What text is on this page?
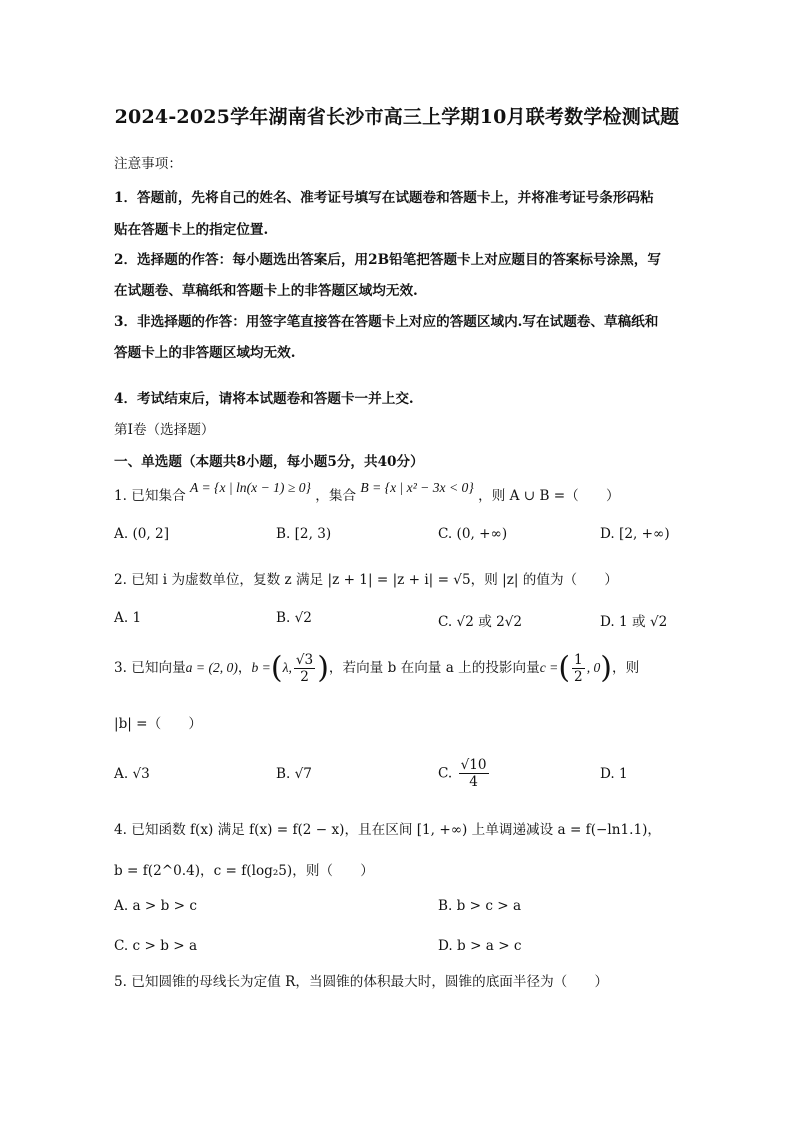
2024-2025学年湖南省长沙市高三上学期10月联考数学检测试题
注意事项：
1．答题前，先将自己的姓名、准考证号填写在试题卷和答题卡上，并将准考证号条形码粘
贴在答题卡上的指定位置.
2．选择题的作答：每小题选出答案后，用2B铅笔把答题卡上对应题目的答案标号涂黑，写
在试题卷、草稿纸和答题卡上的非答题区域均无效.
3．非选择题的作答：用签字笔直接答在答题卡上对应的答题区域内.写在试题卷、草稿纸和
答题卡上的非答题区域均无效.
4．考试结束后，请将本试题卷和答题卡一并上交.
第Ⅰ卷（选择题）
一、单选题（本题共8小题，每小题5分，共40分）
1. 已知集合 A = {x | ln(x − 1) ≥ 0} ，集合 B = {x | x² − 3x < 0} ，则 A ∪ B =（　　）
A. (0, 2]	B. [2, 3)	C. (0, +∞)	D. [2, +∞)
2. 已知 i 为虚数单位，复数 z 满足 |z + 1| = |z + i| = √5，则 |z| 的值为（　　）
A. 1	B. √2	C. √2 或 2√2	D. 1 或 √2
3. 已知向量a = (2, 0)，b =(λ, $\frac{√3}{2}$ )，若向量 b 在向量 a 上的投影向量c =( $\frac{1}{2}$ , 0)，则
|b| =（　　）
A. √3	B. √7	C. $\frac{√10}{4}$	D. 1
4. 已知函数 f(x) 满足 f(x) = f(2 − x)，且在区间 [1, +∞) 上单调递减设 a = f(−ln1.1)，
b = f(2^0.4)，c = f(log₂5)，则（　　）
A. a > b > c	B. b > c > a
C. c > b > a	D. b > a > c
5. 已知圆锥的母线长为定值 R，当圆锥的体积最大时，圆锥的底面半径为（　　）
